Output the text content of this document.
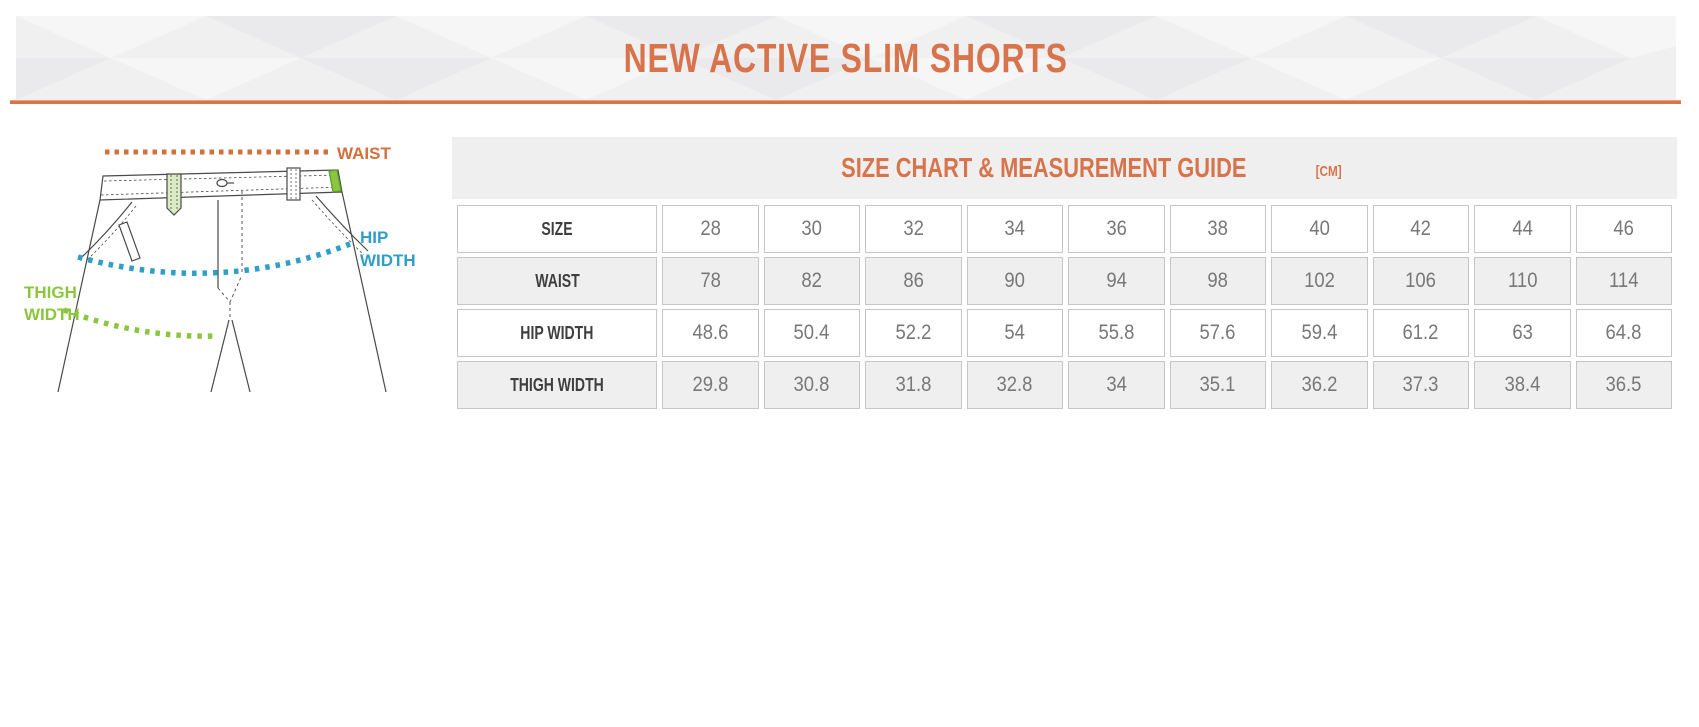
NEW ACTIVE SLIM SHORTS
WAIST
HIP
WIDTH
THIGH
WIDTH
SIZE CHART & MEASUREMENT GUIDE	[CM]
SIZE	28	30	32	34	36	38	40	42	44	46
WAIST	78	82	86	90	94	98	102	106	110	114
HIP WIDTH	48.6	50.4	52.2	54	55.8	57.6	59.4	61.2	63	64.8
THIGH WIDTH	29.8	30.8	31.8	32.8	34	35.1	36.2	37.3	38.4	36.5
